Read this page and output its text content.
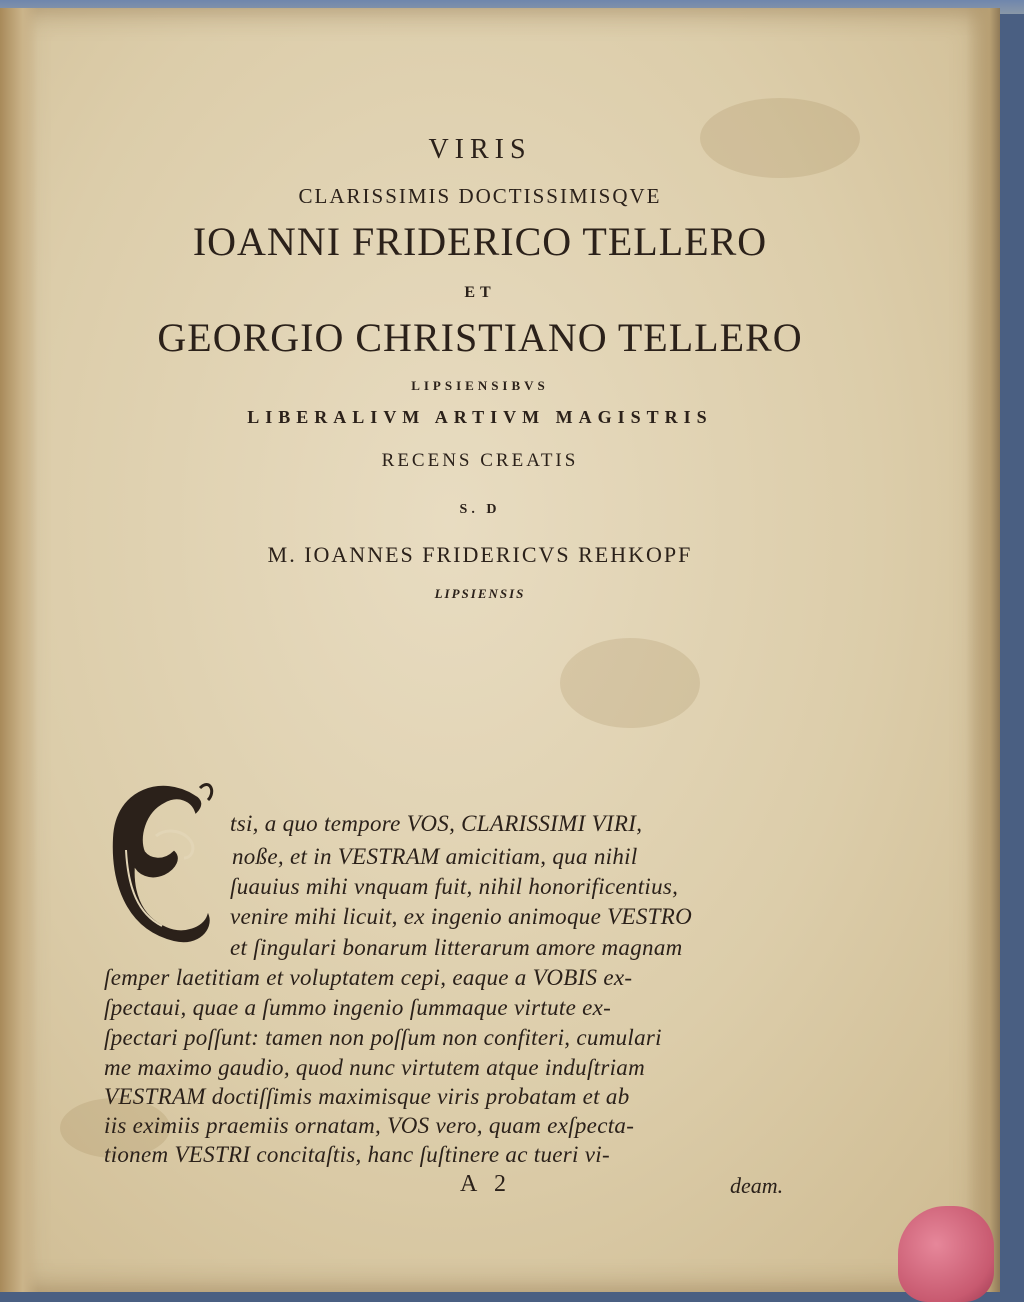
VIRIS
CLARISSIMIS DOCTISSIMISQVE
IOANNI FRIDERICO TELLERO
ET
GEORGIO CHRISTIANO TELLERO
LIPSIENSIBVS
LIBERALIVM ARTIVM MAGISTRIS
RECENS CREATIS
S. D
M. IOANNES FRIDERICVS REHKOPF
LIPSIENSIS
tsi, a quo tempore VOS, CLARISSIMI VIRI,
noße, et in VESTRAM amicitiam, qua nihil
ſuauius mihi vnquam fuit, nihil honorificentius,
venire mihi licuit, ex ingenio animoque VESTRO
et ſingulari bonarum litterarum amore magnam
ſemper laetitiam et voluptatem cepi, eaque a VOBIS ex-
ſpectaui, quae a ſummo ingenio ſummaque virtute ex-
ſpectari poſſunt: tamen non poſſum non confiteri, cumulari
me maximo gaudio, quod nunc virtutem atque induſtriam
VESTRAM doctiſſimis maximisque viris probatam et ab
iis eximiis praemiis ornatam, VOS vero, quam exſpecta-
tionem VESTRI concitaſtis, hanc ſuſtinere ac tueri vi-
A 2	deam.
